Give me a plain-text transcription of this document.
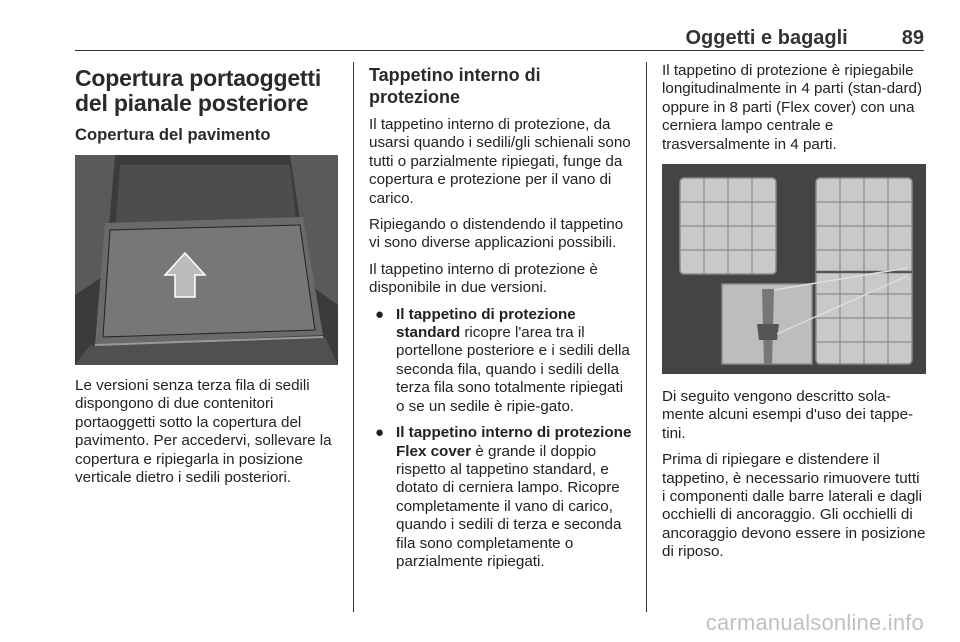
Oggetti e bagagli	89
Copertura portaoggetti del pianale posteriore
Copertura del pavimento

Le versioni senza terza fila di sedili dispongono di due contenitori portaoggetti sotto la copertura del pavimento. Per accedervi, sollevare la copertura e ripiegarla in posizione verticale dietro i sedili posteriori.

Tappetino interno di protezione

Il tappetino interno di protezione, da usarsi quando i sedili/gli schienali sono tutti o parzialmente ripiegati, funge da copertura e protezione per il vano di carico.

Ripiegando o distendendo il tappetino vi sono diverse applicazioni possibili.

Il tappetino interno di protezione è disponibile in due versioni.

● Il tappetino di protezione standard ricopre l'area tra il portellone posteriore e i sedili della seconda fila, quando i sedili della terza fila sono totalmente ripiegati o se un sedile è ripie-gato.
● Il tappetino interno di protezione Flex cover è grande il doppio rispetto al tappetino standard, e dotato di cerniera lampo. Ricopre completamente il vano di carico, quando i sedili di terza e seconda fila sono completamente o parzialmente ripiegati.

Il tappetino di protezione è ripiegabile longitudinalmente in 4 parti (stan-dard) oppure in 8 parti (Flex cover) con una cerniera lampo centrale e trasversalmente in 4 parti.

Di seguito vengono descritto sola-mente alcuni esempi d'uso dei tappe-tini.

Prima di ripiegare e distendere il tappetino, è necessario rimuovere tutti i componenti dalle barre laterali e dagli occhielli di ancoraggio. Gli occhielli di ancoraggio devono essere in posizione di riposo.

carmanualsonline.info
